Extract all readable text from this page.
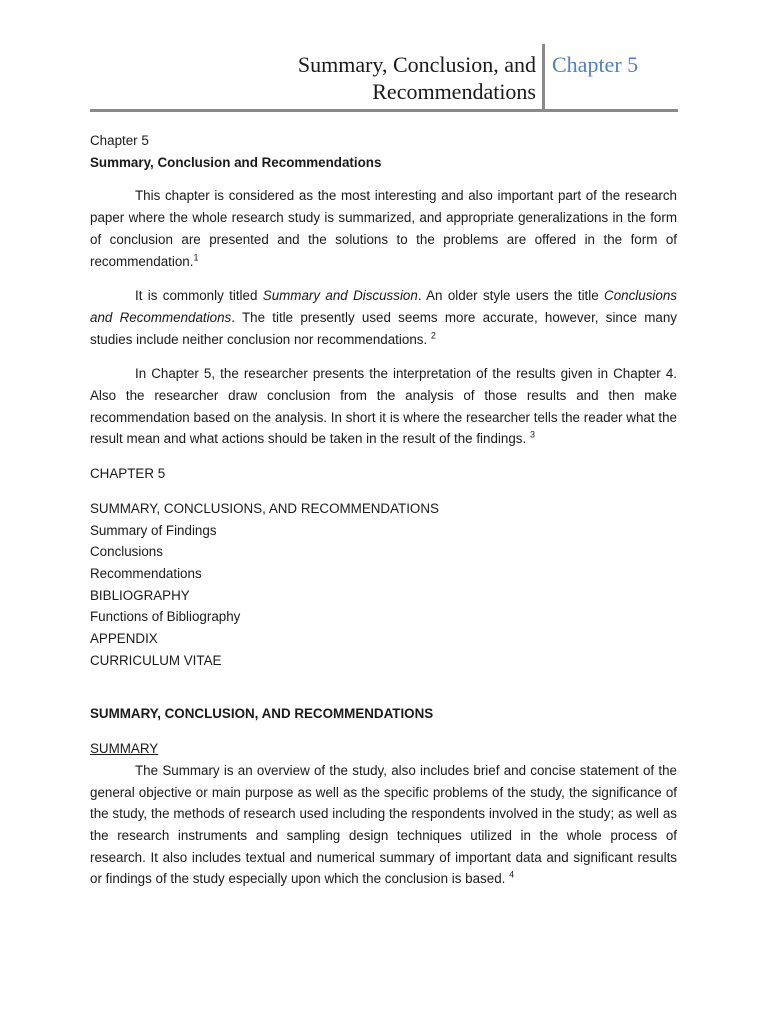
Summary, Conclusion, and
Recommendations
Chapter 5

Chapter 5

Summary, Conclusion and Recommendations

This chapter is considered as the most interesting and also important part of the research paper where the whole research study is summarized, and appropriate generalizations in the form of conclusion are presented and the solutions to the problems are offered in the form of recommendation.$^1$

It is commonly titled Summary and Discussion. An older style users the title Conclusions and Recommendations. The title presently used seems more accurate, however, since many studies include neither conclusion nor recommendations. $^2$

In Chapter 5, the researcher presents the interpretation of the results given in Chapter 4. Also the researcher draw conclusion from the analysis of those results and then make recommendation based on the analysis. In short it is where the researcher tells the reader what the result mean and what actions should be taken in the result of the findings. $^3$

CHAPTER 5

SUMMARY, CONCLUSIONS, AND RECOMMENDATIONS

Summary of Findings

Conclusions

Recommendations

BIBLIOGRAPHY

Functions of Bibliography

APPENDIX

CURRICULUM VITAE

SUMMARY, CONCLUSION, AND RECOMMENDATIONS

SUMMARY

The Summary is an overview of the study, also includes brief and concise statement of the general objective or main purpose as well as the specific problems of the study, the significance of the study, the methods of research used including the respondents involved in the study; as well as the research instruments and sampling design techniques utilized in the whole process of research. It also includes textual and numerical summary of important data and significant results or findings of the study especially upon which the conclusion is based. $^4$
